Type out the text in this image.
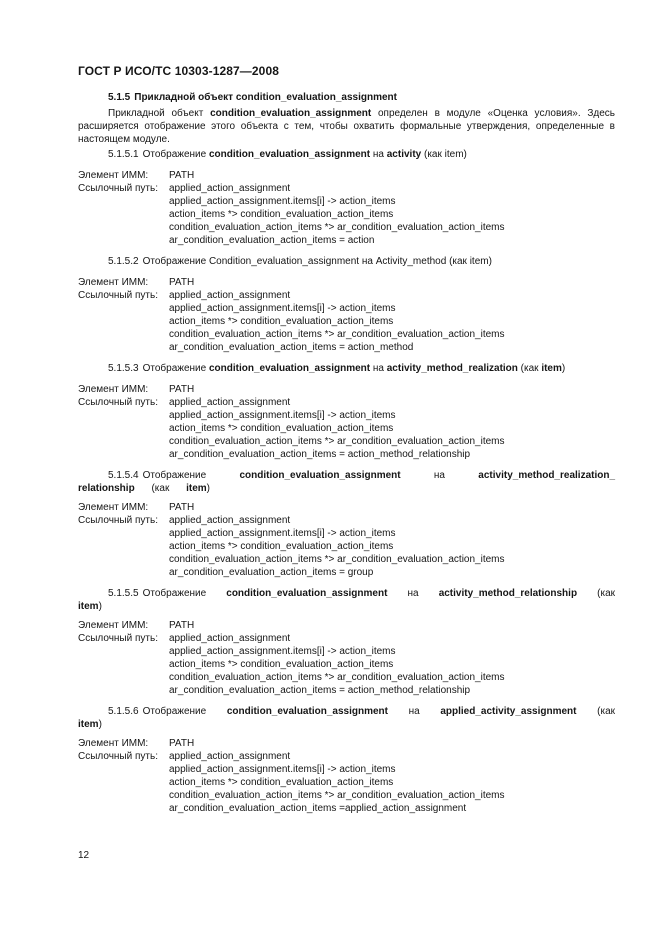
ГОСТ Р ИСО/ТС 10303-1287—2008

5.1.5 Прикладной объект condition_evaluation_assignment

Прикладной объект condition_evaluation_assignment определен в модуле «Оценка условия». Здесь расширяется отображение этого объекта с тем, чтобы охватить формальные утверждения, определенные в настоящем модуле.

5.1.5.1 Отображение condition_evaluation_assignment на activity (как item)

Элемент ИММ:	PATH
Ссылочный путь:	applied_action_assignment
applied_action_assignment.items[i] -> action_items
action_items *> condition_evaluation_action_items
condition_evaluation_action_items *> ar_condition_evaluation_action_items
ar_condition_evaluation_action_items = action

5.1.5.2 Отображение Condition_evaluation_assignment на Activity_method (как item)

Элемент ИММ:	PATH
Ссылочный путь:	applied_action_assignment
applied_action_assignment.items[i] -> action_items
action_items *> condition_evaluation_action_items
condition_evaluation_action_items *> ar_condition_evaluation_action_items
ar_condition_evaluation_action_items = action_method

5.1.5.3 Отображение condition_evaluation_assignment на activity_method_realization (как item)

Элемент ИММ:	PATH
Ссылочный путь:	applied_action_assignment
applied_action_assignment.items[i] -> action_items
action_items *> condition_evaluation_action_items
condition_evaluation_action_items *> ar_condition_evaluation_action_items
ar_condition_evaluation_action_items = action_method_relationship

5.1.5.4 Отображение condition_evaluation_assignment на activity_method_realization_ relationship (как item)

Элемент ИММ:	PATH
Ссылочный путь:	applied_action_assignment
applied_action_assignment.items[i] -> action_items
action_items *> condition_evaluation_action_items
condition_evaluation_action_items *> ar_condition_evaluation_action_items
ar_condition_evaluation_action_items = group

5.1.5.5 Отображение condition_evaluation_assignment на activity_method_relationship (как item)

Элемент ИММ:	PATH
Ссылочный путь:	applied_action_assignment
applied_action_assignment.items[i] -> action_items
action_items *> condition_evaluation_action_items
condition_evaluation_action_items *> ar_condition_evaluation_action_items
ar_condition_evaluation_action_items = action_method_relationship

5.1.5.6 Отображение condition_evaluation_assignment на applied_activity_assignment (как item)

Элемент ИММ:	PATH
Ссылочный путь:	applied_action_assignment
applied_action_assignment.items[i] -> action_items
action_items *> condition_evaluation_action_items
condition_evaluation_action_items *> ar_condition_evaluation_action_items
ar_condition_evaluation_action_items =applied_action_assignment
12
